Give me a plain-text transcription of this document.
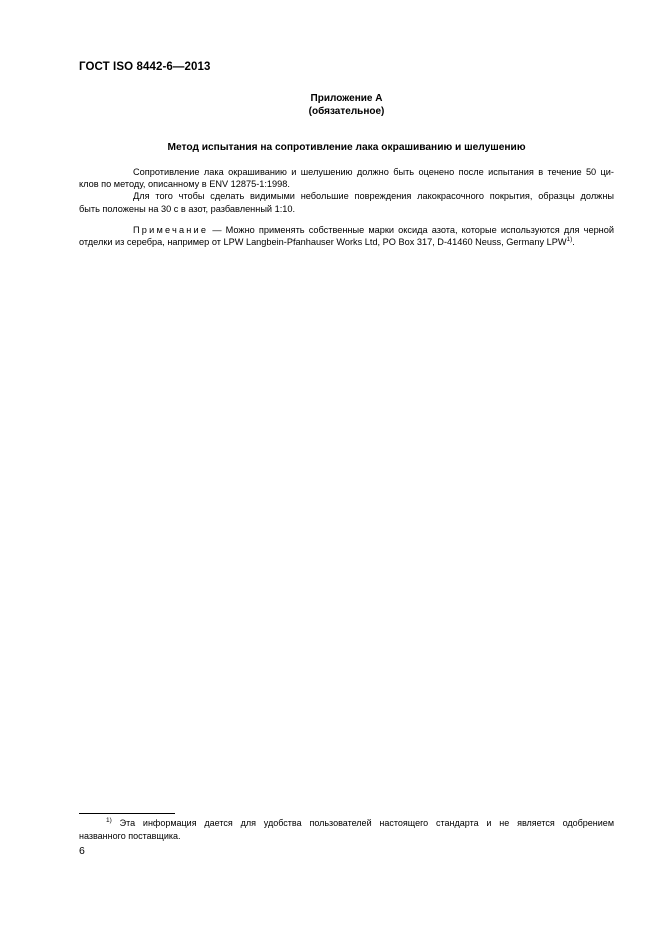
ГОСТ ISO 8442-6—2013
Приложение А
(обязательное)
Метод испытания на сопротивление лака окрашиванию и шелушению

Сопротивление лака окрашиванию и шелушению должно быть оценено после испытания в течение 50 ци-
клов по методу, описанному в ENV 12875-1:1998.

Для того чтобы сделать видимыми небольшие повреждения лакокрасочного покрытия, образцы должны
быть положены на 30 с в азот, разбавленный 1:10.

Примечание — Можно применять собственные марки оксида азота, которые используются для черной
отделки из серебра, например от LPW Langbein-Pfanhauser Works Ltd, PO Box 317, D-41460 Neuss, Germany LPW$^{1)}$.

$^{1)}$ Эта информация дается для удобства пользователей настоящего стандарта и не является одобрением
названного поставщика.
6
